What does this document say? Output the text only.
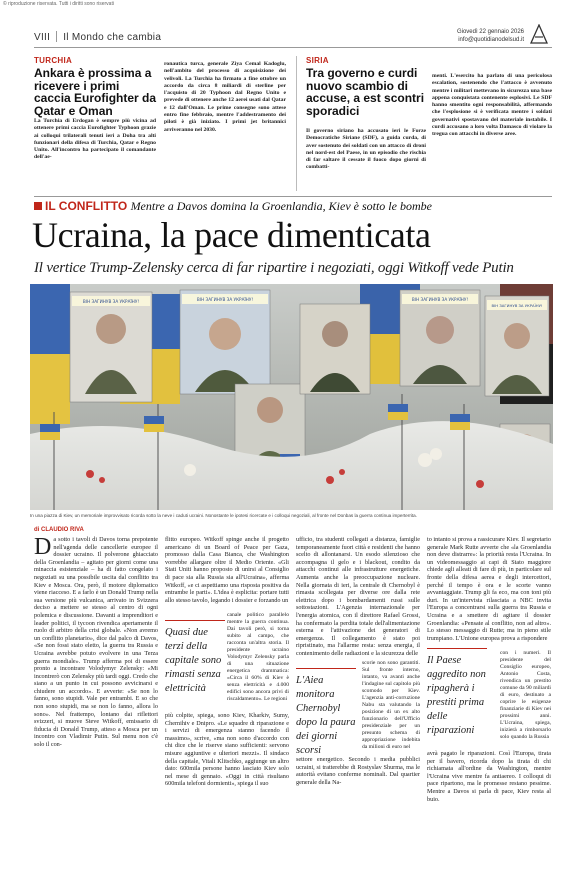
© riproduzione riservata. Tutti i diritti sono riservati
VIII Il Mondo che cambia	Giovedì 22 gennaio 2026
info@quotidianodelsud.it
TURCHIA
Ankara è prossima a ricevere i primi caccia Eurofighter da Qatar e Oman
La Turchia di Erdogan è sempre più vicina ad ottenere primi caccia Eurofighter Typhoon grazie ai colloqui trilaterali tenuti ieri a Doha tra alti funzionari della difesa di Turchia, Qatar e Regno Unito. All'incontro ha partecipato il comandante dell'ae-
ronautica turca, generale Ziya Cemal Kadoglu, nell'ambito del processo di acquisizione dei velivoli. La Turchia ha firmato a fine ottobre un accordo da circa 8 miliardi di sterline per l'acquisto di 20 Typhoon dal Regno Unito e prevede di ottenere anche 12 aerei usati dal Qatar e 12 dall'Oman. Le prime consegne sono attese entro fine febbraio, mentre l'addestramento dei piloti è già iniziato. I primi jet britannici arriveranno nel 2030.
SIRIA
Tra governo e curdi nuovo scambio di accuse, a est scontri sporadici
Il governo siriano ha accusato ieri le Forze Democratiche Siriane (SDF), a guida curda, di aver sostenuto dei soldati con un attacco di droni nel nord-est del Paese, in un episodio che rischia di far saltare il cessate il fuoco dopo giorni di combatti-
menti. L'esercito ha parlato di una pericolosa escalation, sostenendo che l'attacco è avvenuto mentre i militari mettevano in sicurezza una base appena conquistata contenente esplosivi. Le SDF hanno smentito ogni responsabilità, affermando che l'esplosione si è verificata mentre i soldati governativi spostavano del materiale instabile. I curdi accusano a loro volta Damasco di violare la tregua con attacchi in diverse aree.
IL CONFLITTO Mentre a Davos domina la Groenlandia, Kiev è sotto le bombe
Ucraina, la pace dimenticata
Il vertice Trump-Zelensky cerca di far ripartire i negoziati, oggi Witkoff vede Putin
ВІН ЗАГИНУВ ЗА УКРАЇНУ!	ВІН ЗАГИНУВ ЗА УКРАЇНУ!	ВІН ЗАГИНУВ ЗА УКРАЇНУ!
ВІН ЗАГИНУВ ЗА УКРАЇНУ!
In una piazza di Kiev, un memoriale improvvisato ricorda sotto la neve i caduti ucraini. Nonostante le ipotesi ricercate e i colloqui negoziali, al fronte nel Donbas la guerra continua imperterrita.
di CLAUDIO RIVA
Da sotto i tavoli di Davos torna prepotente nell'agenda delle cancellerie europee il dossier ucraino. Il polverone ghiacciato della Groenlandia – agitato per giorni come una minaccia esistenziale – ha di fatto congelato i negoziati su una possibile uscita dal conflitto tra Kiev e Mosca. Ora, però, il motore diplomatico viene riacceso. E a farlo è un Donald Trump nella sua versione più vulcanica, arrivato in Svizzera deciso a mettere se stesso al centro di ogni polemica e discussione. Davanti a imprenditori e leader politici, il tycoon rivendica apertamente il ruolo di arbitro della crisi globale. «Non avremo un conflitto planetario», dice dal palco di Davos, «Se non fossi stato eletto, la guerra tra Russia e Ucraina avrebbe potuto evolvere in una Terza guerra mondiale». Trump afferma poi di essere pronto a incontrare Volodymyr Zelensky: «Mi incontrerò con Zelensky più tardi oggi. Credo che siano a un punto in cui possono avvicinarsi e chiudere un accordo». E avverte: «Se non lo fanno, sono stupidi. Vale per entrambi. E so che non sono stupidi, ma se non lo fanno, allora lo sono». Nel frattempo, lontano dai riflettori svizzeri, si muove Steve Witkoff, emissario di fiducia di Donald Trump, atteso a Mosca per un incontro con Vladimir Putin. Sul menu non c'è solo il con-
flitto europeo. Witkoff spinge anche il progetto americano di un Board of Peace per Gaza, promosso dalla Casa Bianca, che Washington vorrebbe allargare oltre il Medio Oriente. «Gli Stati Uniti hanno proposto di unirsi al Consiglio di pace sia alla Russia sia all'Ucraina», afferma Witkoff, «e ci aspettiamo una risposta positiva da entrambe le parti». L'idea è esplicita: portare tutti allo stesso tavolo, legando i dossier e forzando un
Quasi due terzi della capitale sono rimasti senza elettricità
canale politico parallelo mentre la guerra continua. Dai tavoli però, si torna subito al campo, che racconta un'altra storia. Il presidente ucraino Volodymyr Zelensky parla di una situazione energetica drammatica: «Circa il 60% di Kiev è senza elettricità e 4.000 edifici sono ancora privi di riscaldamento». Le regioni
più colpite, spiega, sono Kiev, Kharkiv, Sumy, Chernihiv e Dnipro. «Le squadre di riparazione e i servizi di emergenza stanno facendo il massimo», scrive, «ma non sono d'accordo con chi dice che le riserve siano sufficienti: servono misure aggiuntive e ulteriori mezzi». Il sindaco della capitale, Vitali Klitschko, aggiunge un altro dato: 600mila persone hanno lasciato Kiev solo nel mese di gennaio. «Oggi in città risultano 600mila telefoni dormienti», spiega il suo
ufficio, tra studenti collegati a distanza, famiglie temporaneamente fuori città e residenti che hanno scelto di allontanarsi. Un esodo silenzioso che accompagna il gelo e i blackout, condito da attacchi continui alle infrastrutture energetiche. Aumenta anche la preoccupazione nucleare. Nella giornata di ieri, la centrale di Chernobyl è rimasta scollegata per diverse ore dalla rete elettrica dopo i bombardamenti russi sulle sottostazioni. L'Agenzia internazionale per l'energia atomica, con il direttore Rafael Grossi, ha confermato la perdita totale dell'alimentazione esterna e l'attivazione dei generatori di emergenza. Il collegamento è stato poi ripristinato, ma l'allarme resta: senza energia, il contenimento delle radiazioni e la sicurezza delle
L'Aiea monitora Chernobyl dopo la paura dei giorni scorsi
scorie non sono garantiti. Sul fronte interno, intanto, va avanti anche l'indagine sul capitolo più scomodo per Kiev. L'agenzia anti-corruzione Nabu sta valutando la posizione di un ex alto funzionario dell'Ufficio presidenziale per un presunto schema di appropriazione indebita da milioni di euro nel
settore energetico. Secondo i media pubblici ucraini, si tratterebbe di Rostyslav Shurma, ma le autorità evitano conferme nominali. Dal quartier generale della Na-
to intanto si prova a rassicurare Kiev. Il segretario generale Mark Rutte avverte che «la Groenlandia non deve distrarre»: la priorità resta l'Ucraina. In un videomessaggio ai capi di Stato maggiore chiede agli alleati di fare di più, in particolare sul fronte della difesa aerea e degli intercettori, perché il tempo è ora e le scorte vanno avvantaggiate. Trump gli fa eco, ma con toni più duri. In un'intervista rilasciata a NBC invita l'Europa a concentrarsi sulla guerra tra Russia e Ucraina e a smettere di agitare il dossier Groenlandia: «Pensate al conflitto, non ad altro». Lo stesso messaggio di Rutte; ma in pieno stile trumpiano. L'Unione europea prova a rispondere
Il Paese aggredito non ripagherà i prestiti prima delle riparazioni
con i numeri. Il presidente del Consiglio europeo, Antonio Costa, rivendica un prestito comune da 90 miliardi di euro, destinato a coprire le esigenze finanziarie di Kiev nei prossimi anni. L'Ucraina, spiega, inizierà a rimborsarlo solo quando la Russia
avrà pagato le riparazioni. Così l'Europa, tirata per il bavero, ricorda dopo la tirata di chi richiamata all'ordine da Washington, mentre l'Ucraina vive mentre fa antiaereo. I colloqui di pace ripartono, ma le promesse restano pessime. Mentre a Davos si parla di pace, Kiev resta al buio.
